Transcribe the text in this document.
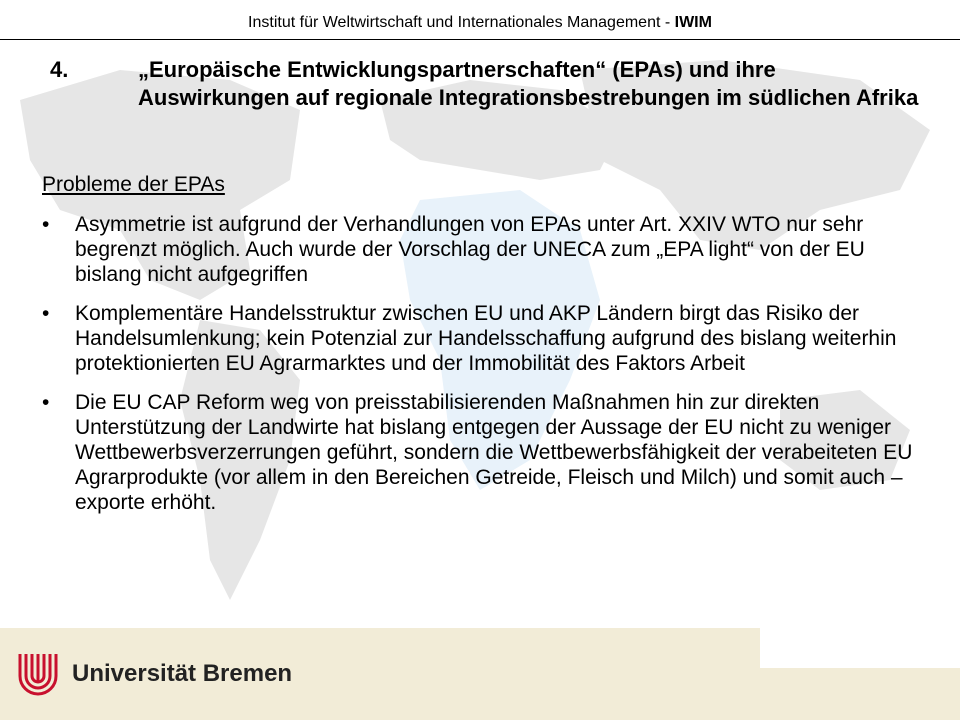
Institut für Weltwirtschaft und Internationales Management - IWIM
4.	„Europäische Entwicklungspartnerschaften“ (EPAs) und ihre Auswirkungen auf regionale Integrationsbestrebungen im südlichen Afrika
Probleme der EPAs
• Asymmetrie ist aufgrund der Verhandlungen von EPAs unter Art. XXIV WTO nur sehr begrenzt möglich. Auch wurde der Vorschlag der UNECA zum „EPA light“ von der EU bislang nicht aufgegriffen
• Komplementäre Handelsstruktur zwischen EU und AKP Ländern birgt das Risiko der Handelsumlenkung; kein Potenzial zur Handelsschaffung aufgrund des bislang weiterhin protektionierten EU Agrarmarktes und der Immobilität des Faktors Arbeit
• Die EU CAP Reform weg von preisstabilisierenden Maßnahmen hin zur direkten Unterstützung der Landwirte hat bislang entgegen der Aussage der EU nicht zu weniger Wettbewerbsverzerrungen geführt, sondern die Wettbewerbsfähigkeit der verabeiteten EU Agrarprodukte (vor allem in den Bereichen Getreide, Fleisch und Milch) und somit auch –exporte erhöht.
Universität Bremen
